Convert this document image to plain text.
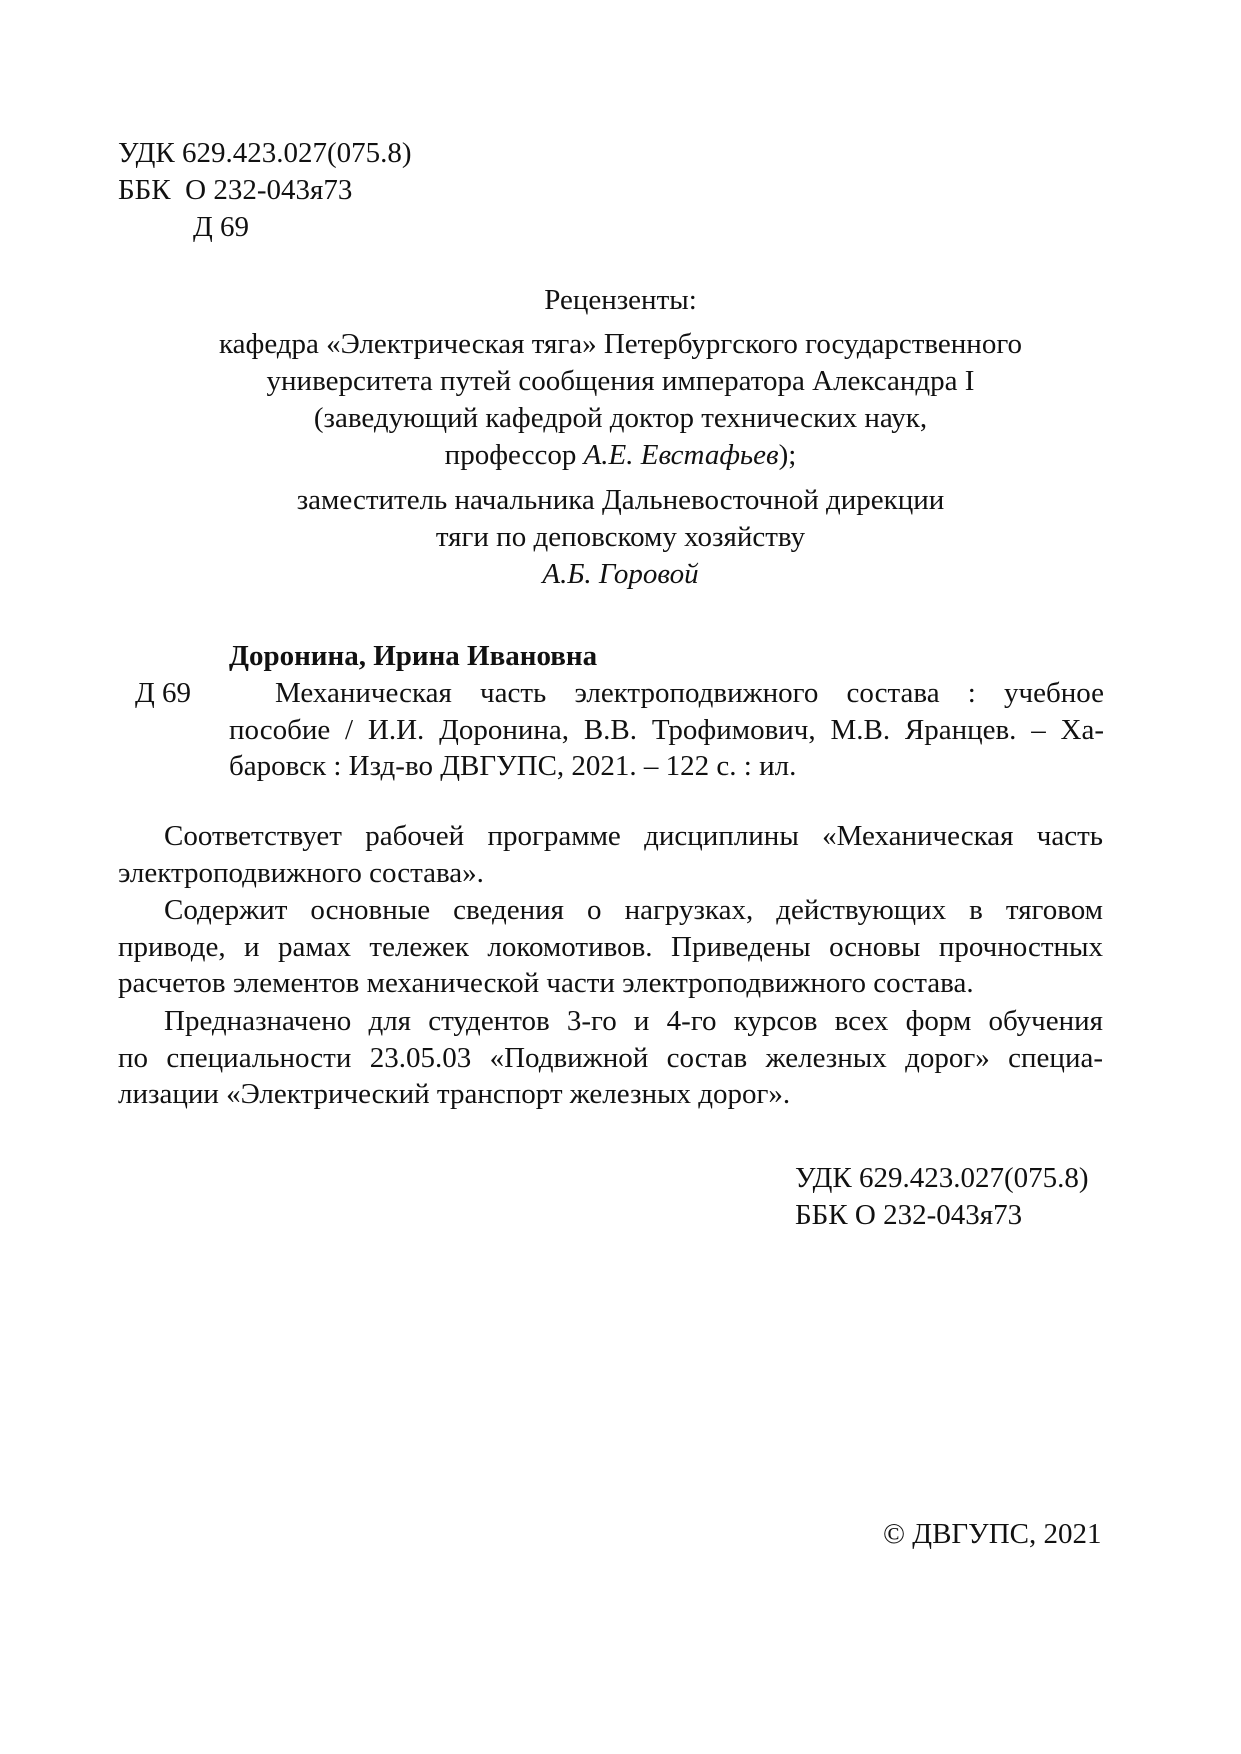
УДК 629.423.027(075.8)
ББК  О 232-043я73
Д 69
Рецензенты:
кафедра «Электрическая тяга» Петербургского государственного
университета путей сообщения императора Александра I
(заведующий кафедрой доктор технических наук,
профессор А.Е. Евстафьев);
заместитель начальника Дальневосточной дирекции
тяги по деповскому хозяйству
А.Б. Горовой
Доронина, Ирина Ивановна
Д 69	Механическая часть электроподвижного состава : учебное
пособие / И.И. Доронина, В.В. Трофимович, М.В. Яранцев. – Ха-
баровск : Изд-во ДВГУПС, 2021. – 122 с. : ил.
Соответствует рабочей программе дисциплины «Механическая часть
электроподвижного состава».
Содержит основные сведения о нагрузках, действующих в тяговом
приводе, и рамах тележек локомотивов. Приведены основы прочностных
расчетов элементов механической части электроподвижного состава.
Предназначено для студентов 3-го и 4-го курсов всех форм обучения
по специальности 23.05.03 «Подвижной состав железных дорог» специа-
лизации «Электрический транспорт железных дорог».
УДК 629.423.027(075.8)
ББК О 232-043я73
© ДВГУПС, 2021
